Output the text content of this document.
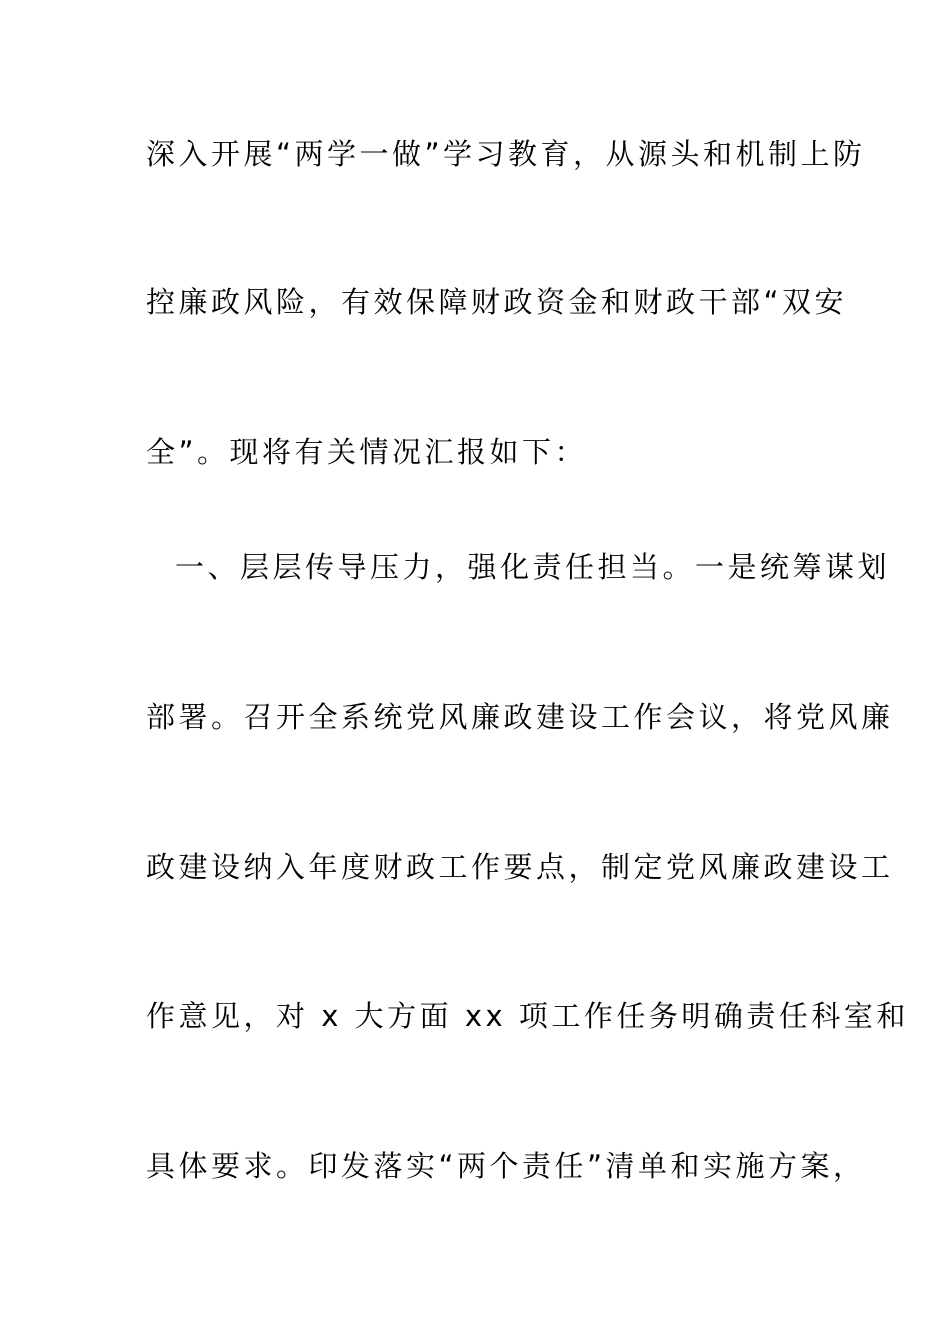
深入开展“两学一做”学习教育，从源头和机制上防
控廉政风险，有效保障财政资金和财政干部“双安
全”。现将有关情况汇报如下：
一、层层传导压力，强化责任担当。一是统筹谋划
部署。召开全系统党风廉政建设工作会议，将党风廉
政建设纳入年度财政工作要点，制定党风廉政建设工
作意见，对 x 大方面 xx 项工作任务明确责任科室和
具体要求。印发落实“两个责任”清单和实施方案，
